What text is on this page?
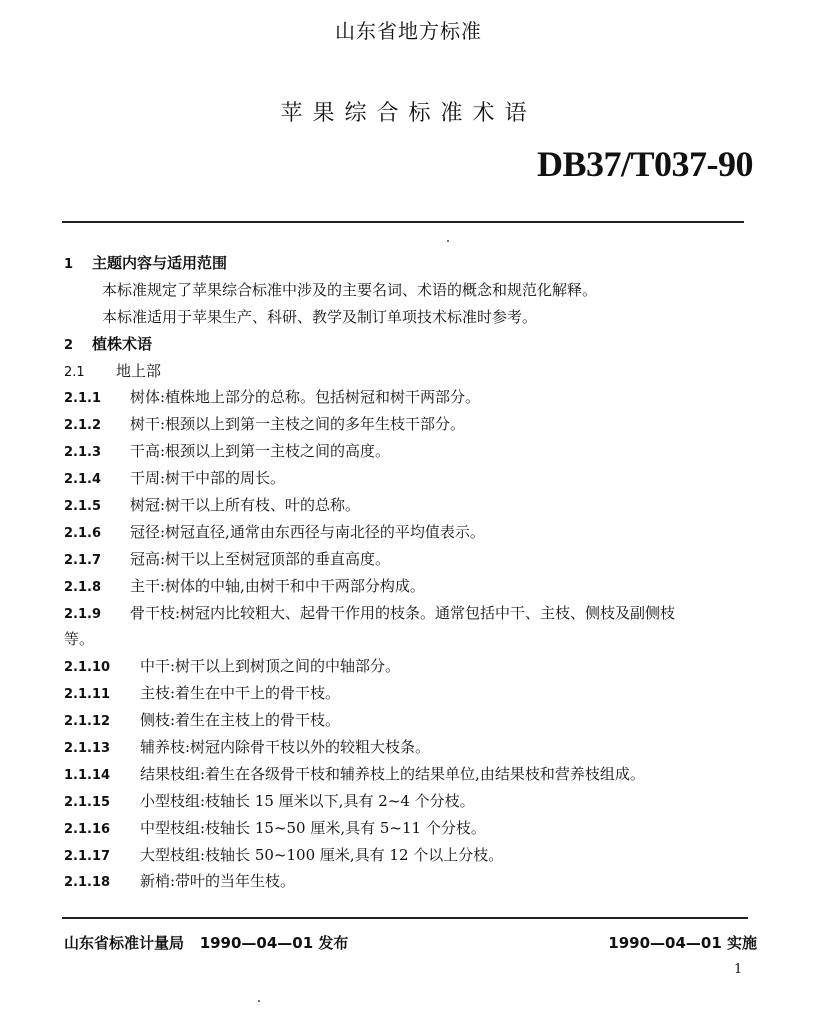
山东省地方标准
苹果综合标准术语
DB37/T037-90
1 主题内容与适用范围
本标准规定了苹果综合标准中涉及的主要名词、术语的概念和规范化解释。
本标准适用于苹果生产、科研、教学及制订单项技术标准时参考。
2 植株术语
2.1 地上部
2.1.1 树体:植株地上部分的总称。包括树冠和树干两部分。
2.1.2 树干:根颈以上到第一主枝之间的多年生枝干部分。
2.1.3 干高:根颈以上到第一主枝之间的高度。
2.1.4 干周:树干中部的周长。
2.1.5 树冠:树干以上所有枝、叶的总称。
2.1.6 冠径:树冠直径,通常由东西径与南北径的平均值表示。
2.1.7 冠高:树干以上至树冠顶部的垂直高度。
2.1.8 主干:树体的中轴,由树干和中干两部分构成。
2.1.9 骨干枝:树冠内比较粗大、起骨干作用的枝条。通常包括中干、主枝、侧枝及副侧枝
等。
2.1.10 中干:树干以上到树顶之间的中轴部分。
2.1.11 主枝:着生在中干上的骨干枝。
2.1.12 侧枝:着生在主枝上的骨干枝。
2.1.13 辅养枝:树冠内除骨干枝以外的较粗大枝条。
1.1.14 结果枝组:着生在各级骨干枝和辅养枝上的结果单位,由结果枝和营养枝组成。
2.1.15 小型枝组:枝轴长 15 厘米以下,具有 2~4 个分枝。
2.1.16 中型枝组:枝轴长 15~50 厘米,具有 5~11 个分枝。
2.1.17 大型枝组:枝轴长 50~100 厘米,具有 12 个以上分枝。
2.1.18 新梢:带叶的当年生枝。
山东省标准计量局 1990—04—01 发布	1990—04—01 实施
1
